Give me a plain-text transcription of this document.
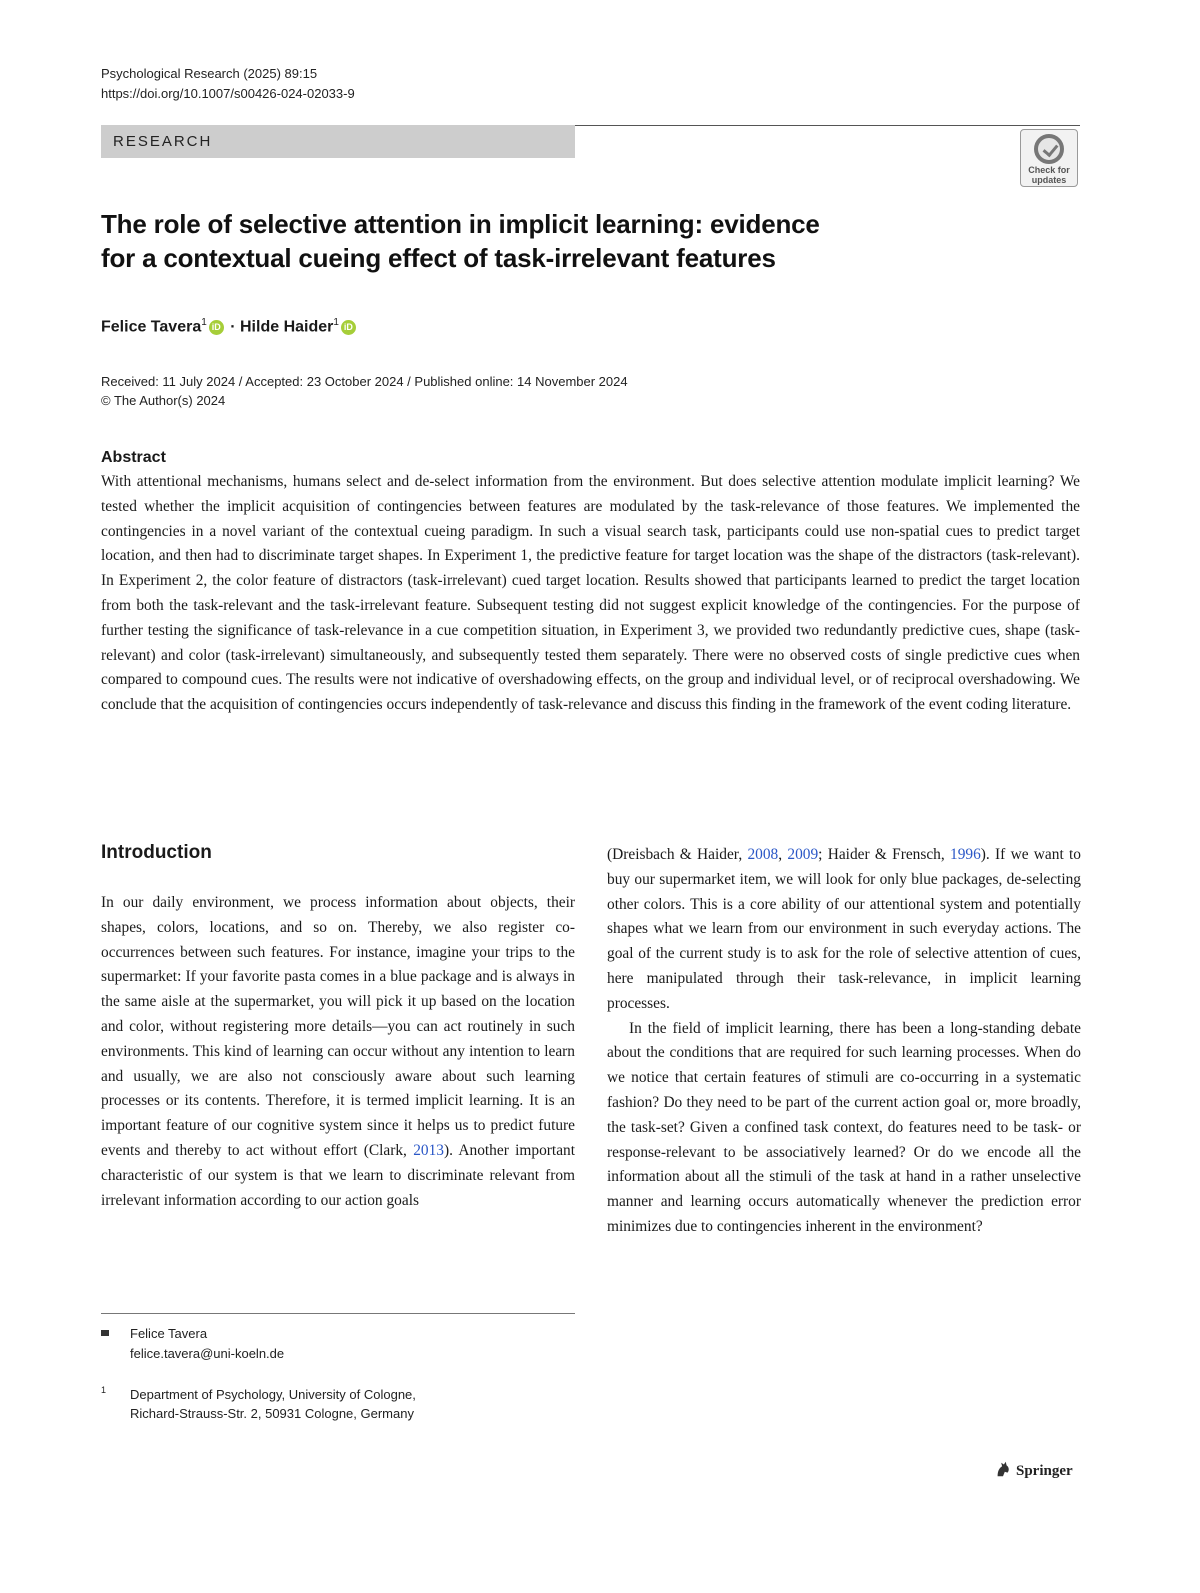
Psychological Research (2025) 89:15
https://doi.org/10.1007/s00426-024-02033-9
RESEARCH
Check for
updates
The role of selective attention in implicit learning: evidence
for a contextual cueing effect of task-irrelevant features
Felice Tavera$^1$ iD · Hilde Haider$^1$ iD
Received: 11 July 2024 / Accepted: 23 October 2024 / Published online: 14 November 2024
© The Author(s) 2024
Abstract
With attentional mechanisms, humans select and de-select information from the environment. But does selective attention modulate implicit learning? We tested whether the implicit acquisition of contingencies between features are modulated by the task-relevance of those features. We implemented the contingencies in a novel variant of the contextual cueing paradigm. In such a visual search task, participants could use non-spatial cues to predict target location, and then had to discriminate target shapes. In Experiment 1, the predictive feature for target location was the shape of the distractors (task-relevant). In Experiment 2, the color feature of distractors (task-irrelevant) cued target location. Results showed that participants learned to predict the target location from both the task-relevant and the task-irrelevant feature. Subsequent testing did not suggest explicit knowledge of the contingencies. For the purpose of further testing the significance of task-relevance in a cue competition situation, in Experiment 3, we provided two redundantly predictive cues, shape (task-relevant) and color (task-irrelevant) simultaneously, and subsequently tested them separately. There were no observed costs of single predictive cues when compared to compound cues. The results were not indicative of overshadowing effects, on the group and individual level, or of reciprocal overshadowing. We conclude that the acquisition of contingencies occurs independently of task-relevance and discuss this finding in the framework of the event coding literature.
Introduction

In our daily environment, we process information about objects, their shapes, colors, locations, and so on. Thereby, we also register co-occurrences between such features. For instance, imagine your trips to the supermarket: If your favorite pasta comes in a blue package and is always in the same aisle at the supermarket, you will pick it up based on the location and color, without registering more details—you can act routinely in such environments. This kind of learning can occur without any intention to learn and usually, we are also not consciously aware about such learning processes or its contents. Therefore, it is termed implicit learning. It is an important feature of our cognitive system since it helps us to predict future events and thereby to act without effort (Clark, 2013). Another important characteristic of our system is that we learn to discriminate relevant from irrelevant information according to our action goals

(Dreisbach & Haider, 2008, 2009; Haider & Frensch, 1996). If we want to buy our supermarket item, we will look for only blue packages, de-selecting other colors. This is a core ability of our attentional system and potentially shapes what we learn from our environment in such everyday actions. The goal of the current study is to ask for the role of selective attention of cues, here manipulated through their task-relevance, in implicit learning processes.

In the field of implicit learning, there has been a long-standing debate about the conditions that are required for such learning processes. When do we notice that certain features of stimuli are co-occurring in a systematic fashion? Do they need to be part of the current action goal or, more broadly, the task-set? Given a confined task context, do features need to be task- or response-relevant to be associatively learned? Or do we encode all the information about all the stimuli of the task at hand in a rather unselective manner and learning occurs automatically whenever the prediction error minimizes due to contingencies inherent in the environment?

Felice Tavera
felice.tavera@uni-koeln.de
1 Department of Psychology, University of Cologne,
Richard-Strauss-Str. 2, 50931 Cologne, Germany
Springer
